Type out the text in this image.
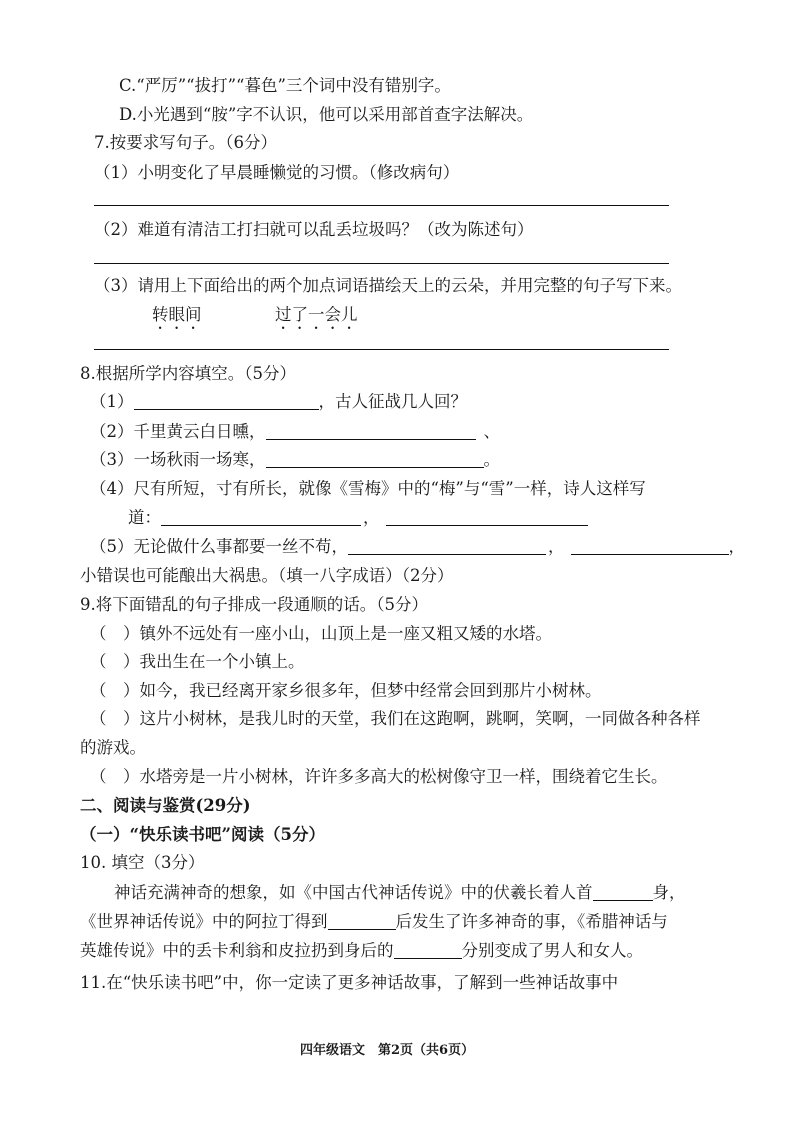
C.“严厉”“拔打”“暮色”三个词中没有错别字。
D.小光遇到“胺”字不认识，他可以采用部首查字法解决。
7.按要求写句子。（6分）
（1）小明变化了早晨睡懒觉的习惯。（修改病句）
（2）难道有清洁工打扫就可以乱丢垃圾吗？（改为陈述句）
（3）请用上下面给出的两个加点词语描绘天上的云朵，并用完整的句子写下来。
转眼间	过了一会儿
8.根据所学内容填空。（5分）
（1）	，古人征战几人回？
（2）千里黄云白日曛，	、
（3）一场秋雨一场寒，	。
（4）尺有所短，寸有所长，就像《雪梅》中的“梅”与“雪”一样，诗人这样写
道：	，
（5）无论做什么事都要一丝不苟，	，	，
小错误也可能酿出大祸患。（填一八字成语）（2分）
9.将下面错乱的句子排成一段通顺的话。（5分）
（　）镇外不远处有一座小山，山顶上是一座又粗又矮的水塔。
（　）我出生在一个小镇上。
（　）如今，我已经离开家乡很多年，但梦中经常会回到那片小树林。
（　）这片小树林，是我儿时的天堂，我们在这跑啊，跳啊，笑啊，一同做各种各样
的游戏。
（　）水塔旁是一片小树林，许许多多高大的松树像守卫一样，围绕着它生长。
二、阅读与鉴赏(29分)
（一）“快乐读书吧”阅读（5分）
10. 填空（3分）
神话充满神奇的想象，如《中国古代神话传说》中的伏羲长着人首	身，
《世界神话传说》中的阿拉丁得到	后发生了许多神奇的事，《希腊神话与
英雄传说》中的丢卡利翁和皮拉扔到身后的	分别变成了男人和女人。
11.在“快乐读书吧”中，你一定读了更多神话故事，了解到一些神话故事中
四年级语文　第2页（共6页）
